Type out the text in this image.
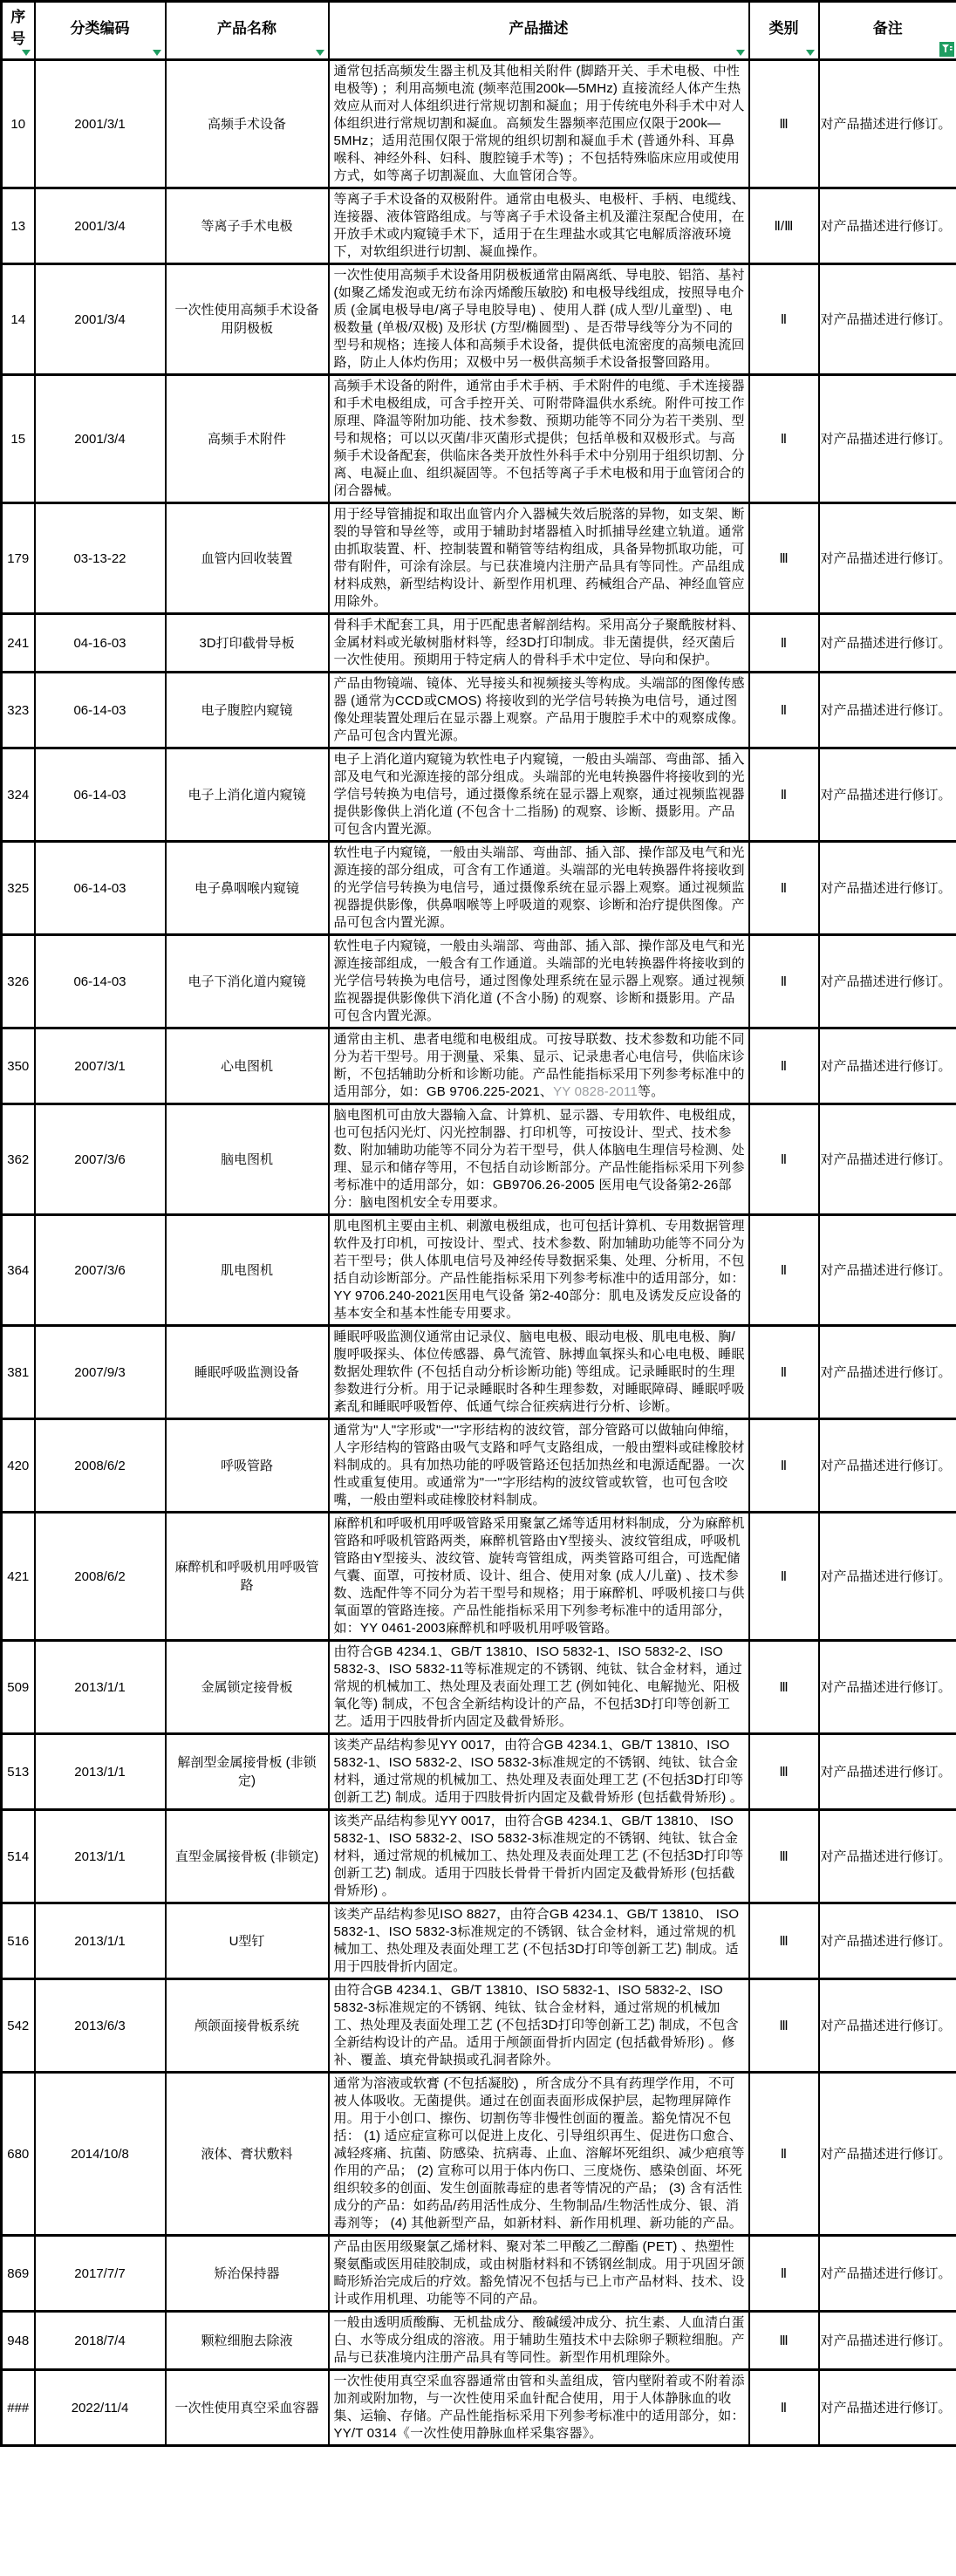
序号	分类编码	产品名称	产品描述	类别	备注

10	2001/3/1	高频手术设备	通常包括高频发生器主机及其他相关附件 (脚踏开关、手术电极、中性电极等) ；利用高频电流 (频率范围200k—5MHz) 直接流经人体产生热效应从而对人体组织进行常规切割和凝血；用于传统电外科手术中对人体组织进行常规切割和凝血。高频发生器频率范围应仅限于200k—5MHz；适用范围仅限于常规的组织切割和凝血手术 (普通外科、耳鼻喉科、神经外科、妇科、腹腔镜手术等) ；不包括特殊临床应用或使用方式，如等离子切割凝血、大血管闭合等。	Ⅲ	对产品描述进行修订。
13	2001/3/4	等离子手术电极	等离子手术设备的双极附件。通常由电极头、电极杆、手柄、电缆线、连接器、液体管路组成。与等离子手术设备主机及灌注泵配合使用，在开放手术或内窥镜手术下，适用于在生理盐水或其它电解质溶液环境下，对软组织进行切割、凝血操作。	Ⅱ/Ⅲ	对产品描述进行修订。
14	2001/3/4	一次性使用高频手术设备用阴极板	一次性使用高频手术设备用阴极板通常由隔离纸、导电胶、铝箔、基衬 (如聚乙烯发泡或无纺布涂丙烯酸压敏胶) 和电极导线组成，按照导电介质 (金属电极导电/离子导电胶导电) 、使用人群 (成人型/儿童型) 、电极数量 (单极/双极) 及形状 (方型/椭圆型) 、是否带导线等分为不同的型号和规格；连接人体和高频手术设备，提供低电流密度的高频电流回路，防止人体灼伤用；双极中另一极供高频手术设备报警回路用。	Ⅱ	对产品描述进行修订。
15	2001/3/4	高频手术附件	高频手术设备的附件，通常由手术手柄、手术附件的电缆、手术连接器和手术电极组成，可含手控开关、可附带降温供水系统。附件可按工作原理、降温等附加功能、技术参数、预期功能等不同分为若干类别、型号和规格；可以以灭菌/非灭菌形式提供；包括单极和双极形式。与高频手术设备配套，供临床各类开放性外科手术中分别用于组织切割、分离、电凝止血、组织凝固等。不包括等离子手术电极和用于血管闭合的闭合器械。	Ⅱ	对产品描述进行修订。
179	03-13-22	血管内回收装置	用于经导管捕捉和取出血管内介入器械失效后脱落的异物，如支架、断裂的导管和导丝等，或用于辅助封堵器植入时抓捕导丝建立轨道。通常由抓取装置、杆、控制装置和鞘管等结构组成，具备异物抓取功能，可带有附件，可涂有涂层。与已获准境内注册产品具有等同性。产品组成材料成熟，新型结构设计、新型作用机理、药械组合产品、神经血管应用除外。	Ⅲ	对产品描述进行修订。
241	04-16-03	3D打印截骨导板	骨科手术配套工具，用于匹配患者解剖结构。采用高分子聚酰胺材料、金属材料或光敏树脂材料等，经3D打印制成。非无菌提供，经灭菌后一次性使用。预期用于特定病人的骨科手术中定位、导向和保护。	Ⅱ	对产品描述进行修订。
323	06-14-03	电子腹腔内窥镜	产品由物镜端、镜体、光导接头和视频接头等构成。头端部的图像传感器 (通常为CCD或CMOS) 将接收到的光学信号转换为电信号，通过图像处理装置处理后在显示器上观察。产品用于腹腔手术中的观察成像。产品可包含内置光源。	Ⅱ	对产品描述进行修订。
324	06-14-03	电子上消化道内窥镜	电子上消化道内窥镜为软性电子内窥镜，一般由头端部、弯曲部、插入部及电气和光源连接的部分组成。头端部的光电转换器件将接收到的光学信号转换为电信号，通过摄像系统在显示器上观察，通过视频监视器提供影像供上消化道 (不包含十二指肠) 的观察、诊断、摄影用。产品可包含内置光源。	Ⅱ	对产品描述进行修订。
325	06-14-03	电子鼻咽喉内窥镜	软性电子内窥镜，一般由头端部、弯曲部、插入部、操作部及电气和光源连接的部分组成，可含有工作通道。头端部的光电转换器件将接收到的光学信号转换为电信号，通过摄像系统在显示器上观察。通过视频监视器提供影像，供鼻咽喉等上呼吸道的观察、诊断和治疗提供图像。产品可包含内置光源。	Ⅱ	对产品描述进行修订。
326	06-14-03	电子下消化道内窥镜	软性电子内窥镜，一般由头端部、弯曲部、插入部、操作部及电气和光源连接部组成，一般含有工作通道。头端部的光电转换器件将接收到的光学信号转换为电信号，通过图像处理系统在显示器上观察。通过视频监视器提供影像供下消化道 (不含小肠) 的观察、诊断和摄影用。产品可包含内置光源。	Ⅱ	对产品描述进行修订。
350	2007/3/1	心电图机	通常由主机、患者电缆和电极组成。可按导联数、技术参数和功能不同分为若干型号。用于测量、采集、显示、记录患者心电信号，供临床诊断，不包括辅助分析和诊断功能。产品性能指标采用下列参考标准中的适用部分，如：GB 9706.225-2021、YY 0828-2011等。	Ⅱ	对产品描述进行修订。
362	2007/3/6	脑电图机	脑电图机可由放大器输入盒、计算机、显示器、专用软件、电极组成，也可包括闪光灯、闪光控制器、打印机等，可按设计、型式、技术参数、附加辅助功能等不同分为若干型号，供人体脑电生理信号检测、处理、显示和储存等用，不包括自动诊断部分。产品性能指标采用下列参考标准中的适用部分，如：GB9706.26-2005 医用电气设备第2-26部分：脑电图机安全专用要求。	Ⅱ	对产品描述进行修订。
364	2007/3/6	肌电图机	肌电图机主要由主机、刺激电极组成，也可包括计算机、专用数据管理软件及打印机，可按设计、型式、技术参数、附加辅助功能等不同分为若干型号；供人体肌电信号及神经传导数据采集、处理、分析用，不包括自动诊断部分。产品性能指标采用下列参考标准中的适用部分，如：YY 9706.240-2021医用电气设备 第2-40部分：肌电及诱发反应设备的基本安全和基本性能专用要求。	Ⅱ	对产品描述进行修订。
381	2007/9/3	睡眠呼吸监测设备	睡眠呼吸监测仪通常由记录仪、脑电电极、眼动电极、肌电电极、胸/腹呼吸探头、体位传感器、鼻气流管、脉搏血氧探头和心电电极、睡眠数据处理软件 (不包括自动分析诊断功能) 等组成。记录睡眠时的生理参数进行分析。用于记录睡眠时各种生理参数，对睡眠障碍、睡眠呼吸紊乱和睡眠呼吸暂停、低通气综合征疾病进行分析、诊断。	Ⅱ	对产品描述进行修订。
420	2008/6/2	呼吸管路	通常为"人"字形或"一"字形结构的波纹管，部分管路可以做轴向伸缩，人字形结构的管路由吸气支路和呼气支路组成，一般由塑料或硅橡胶材料制成的。具有加热功能的呼吸管路还包括加热丝和电源适配器。一次性或重复使用。或通常为"一"字形结构的波纹管或软管，也可包含咬嘴，一般由塑料或硅橡胶材料制成。	Ⅱ	对产品描述进行修订。
421	2008/6/2	麻醉机和呼吸机用呼吸管路	麻醉机和呼吸机用呼吸管路采用聚氯乙烯等适用材料制成，分为麻醉机管路和呼吸机管路两类，麻醉机管路由Y型接头、波纹管组成，呼吸机管路由Y型接头、波纹管、旋转弯管组成，两类管路可组合，可选配储气囊、面罩，可按材质、设计、组合、使用对象 (成人/儿童) 、技术参数、选配件等不同分为若干型号和规格；用于麻醉机、呼吸机接口与供氧面罩的管路连接。产品性能指标采用下列参考标准中的适用部分，如：YY 0461-2003麻醉机和呼吸机用呼吸管路。	Ⅱ	对产品描述进行修订。
509	2013/1/1	金属锁定接骨板	由符合GB 4234.1、GB/T 13810、ISO 5832-1、ISO 5832-2、ISO 5832-3、ISO 5832-11等标准规定的不锈钢、纯钛、钛合金材料，通过常规的机械加工、热处理及表面处理工艺 (例如钝化、电解抛光、阳极氧化等) 制成，不包含全新结构设计的产品，不包括3D打印等创新工艺。适用于四肢骨折内固定及截骨矫形。	Ⅲ	对产品描述进行修订。
513	2013/1/1	解剖型金属接骨板 (非锁定)	该类产品结构参见YY 0017，由符合GB 4234.1、GB/T 13810、ISO 5832-1、ISO 5832-2、ISO 5832-3标准规定的不锈钢、纯钛、钛合金材料，通过常规的机械加工、热处理及表面处理工艺 (不包括3D打印等创新工艺) 制成。适用于四肢骨折内固定及截骨矫形 (包括截骨矫形) 。	Ⅲ	对产品描述进行修订。
514	2013/1/1	直型金属接骨板 (非锁定)	该类产品结构参见YY 0017，由符合GB 4234.1、GB/T 13810、 ISO 5832-1、ISO 5832-2、ISO 5832-3标准规定的不锈钢、纯钛、钛合金材料，通过常规的机械加工、热处理及表面处理工艺 (不包括3D打印等创新工艺) 制成。适用于四肢长骨骨干骨折内固定及截骨矫形 (包括截骨矫形) 。	Ⅲ	对产品描述进行修订。
516	2013/1/1	U型钉	该类产品结构参见ISO 8827，由符合GB 4234.1、GB/T 13810、 ISO 5832-1、ISO 5832-3标准规定的不锈钢、钛合金材料，通过常规的机械加工、热处理及表面处理工艺 (不包括3D打印等创新工艺) 制成。适用于四肢骨折内固定。	Ⅲ	对产品描述进行修订。
542	2013/6/3	颅颌面接骨板系统	由符合GB 4234.1、GB/T 13810、ISO 5832-1、ISO 5832-2、ISO 5832-3标准规定的不锈钢、纯钛、钛合金材料，通过常规的机械加工、热处理及表面处理工艺 (不包括3D打印等创新工艺) 制成，不包含全新结构设计的产品。适用于颅颌面骨折内固定 (包括截骨矫形) 。修补、覆盖、填充骨缺损或孔洞者除外。	Ⅲ	对产品描述进行修订。
680	2014/10/8	液体、膏状敷料	通常为溶液或软膏 (不包括凝胶) ，所含成分不具有药理学作用，不可被人体吸收。无菌提供。通过在创面表面形成保护层，起物理屏障作用。用于小创口、擦伤、切割伤等非慢性创面的覆盖。豁免情况不包括： (1) 适应症宣称可以促进上皮化、引导组织再生、促进伤口愈合、减轻疼痛、抗菌、防感染、抗病毒、止血、溶解坏死组织、减少疤痕等作用的产品； (2) 宣称可以用于体内伤口、三度烧伤、感染创面、坏死组织较多的创面、发生创面脓毒症的患者等情况的产品； (3) 含有活性成分的产品：如药品/药用活性成分、生物制品/生物活性成分、银、消毒剂等； (4) 其他新型产品，如新材料、新作用机理、新功能的产品。	Ⅱ	对产品描述进行修订。
869	2017/7/7	矫治保持器	产品由医用级聚氯乙烯材料、聚对苯二甲酸乙二醇酯 (PET) 、热塑性聚氨酯或医用硅胶制成，或由树脂材料和不锈钢丝制成。用于巩固牙颌畸形矫治完成后的疗效。豁免情况不包括与已上市产品材料、技术、设计或作用机理、功能等不同的产品。	Ⅱ	对产品描述进行修订。
948	2018/7/4	颗粒细胞去除液	一般由透明质酸酶、无机盐成分、酸碱缓冲成分、抗生素、人血清白蛋白、水等成分组成的溶液。用于辅助生殖技术中去除卵子颗粒细胞。产品与已获准境内注册产品具有等同性。新型作用机理除外。	Ⅲ	对产品描述进行修订。
###	2022/11/4	一次性使用真空采血容器	一次性使用真空采血容器通常由管和头盖组成，管内壁附着或不附着添加剂或附加物，与一次性使用采血针配合使用，用于人体静脉血的收集、运输、存储。产品性能指标采用下列参考标准中的适用部分，如：YY/T 0314《一次性使用静脉血样采集容器》。	Ⅱ	对产品描述进行修订。
